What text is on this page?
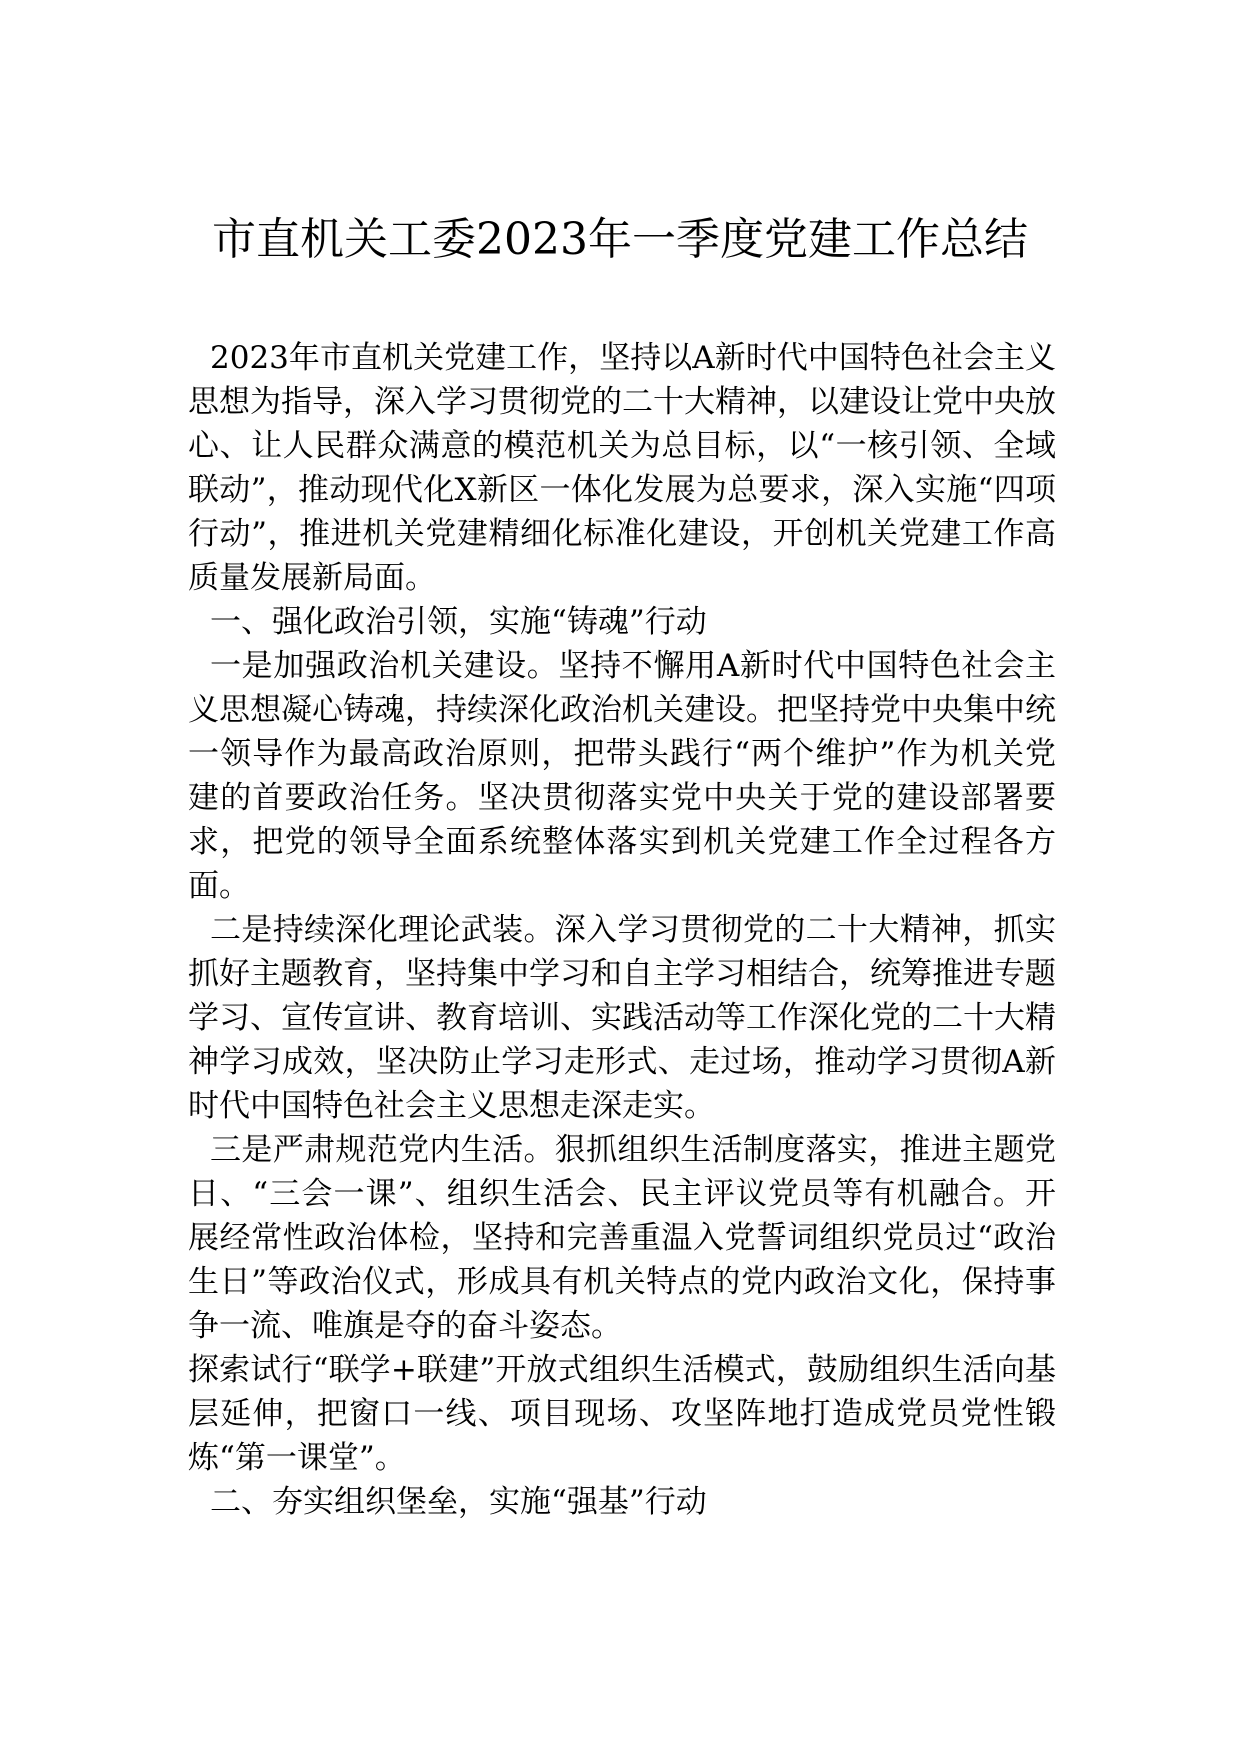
市直机关工委2023年一季度党建工作总结

2023年市直机关党建工作，坚持以A新时代中国特色社会主义思想为指导，深入学习贯彻党的二十大精神，以建设让党中央放心、让人民群众满意的模范机关为总目标，以“一核引领、全域联动”，推动现代化X新区一体化发展为总要求，深入实施“四项行动”，推进机关党建精细化标准化建设，开创机关党建工作高质量发展新局面。

一、强化政治引领，实施“铸魂”行动

一是加强政治机关建设。坚持不懈用A新时代中国特色社会主义思想凝心铸魂，持续深化政治机关建设。把坚持党中央集中统一领导作为最高政治原则，把带头践行“两个维护”作为机关党建的首要政治任务。坚决贯彻落实党中央关于党的建设部署要求，把党的领导全面系统整体落实到机关党建工作全过程各方面。

二是持续深化理论武装。深入学习贯彻党的二十大精神，抓实抓好主题教育，坚持集中学习和自主学习相结合，统筹推进专题学习、宣传宣讲、教育培训、实践活动等工作深化党的二十大精神学习成效，坚决防止学习走形式、走过场，推动学习贯彻A新时代中国特色社会主义思想走深走实。

三是严肃规范党内生活。狠抓组织生活制度落实，推进主题党日、“三会一课”、组织生活会、民主评议党员等有机融合。开展经常性政治体检，坚持和完善重温入党誓词组织党员过“政治生日”等政治仪式，形成具有机关特点的党内政治文化，保持事争一流、唯旗是夺的奋斗姿态。

探索试行“联学+联建”开放式组织生活模式，鼓励组织生活向基层延伸，把窗口一线、项目现场、攻坚阵地打造成党员党性锻炼“第一课堂”。

二、夯实组织堡垒，实施“强基”行动
